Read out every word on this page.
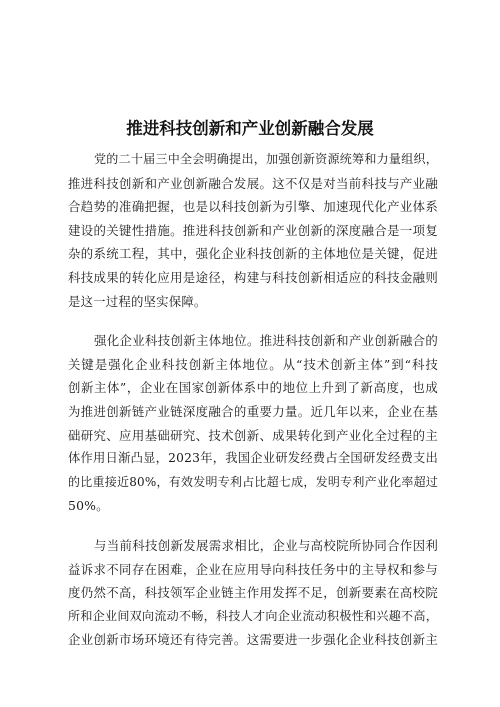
推进科技创新和产业创新融合发展

党的二十届三中全会明确提出，加强创新资源统筹和力量组织，
推进科技创新和产业创新融合发展。这不仅是对当前科技与产业融
合趋势的准确把握，也是以科技创新为引擎、加速现代化产业体系
建设的关键性措施。推进科技创新和产业创新的深度融合是一项复
杂的系统工程，其中，强化企业科技创新的主体地位是关键，促进
科技成果的转化应用是途径，构建与科技创新相适应的科技金融则
是这一过程的坚实保障。

强化企业科技创新主体地位。推进科技创新和产业创新融合的
关键是强化企业科技创新主体地位。从“技术创新主体”到“科技
创新主体”，企业在国家创新体系中的地位上升到了新高度，也成
为推进创新链产业链深度融合的重要力量。近几年以来，企业在基
础研究、应用基础研究、技术创新、成果转化到产业化全过程的主
体作用日渐凸显，2023年，我国企业研发经费占全国研发经费支出
的比重接近80%，有效发明专利占比超七成，发明专利产业化率超过
50%。

与当前科技创新发展需求相比，企业与高校院所协同合作因利
益诉求不同存在困难，企业在应用导向科技任务中的主导权和参与
度仍然不高，科技领军企业链主作用发挥不足，创新要素在高校院
所和企业间双向流动不畅，科技人才向企业流动积极性和兴趣不高，
企业创新市场环境还有待完善。这需要进一步强化企业科技创新主
